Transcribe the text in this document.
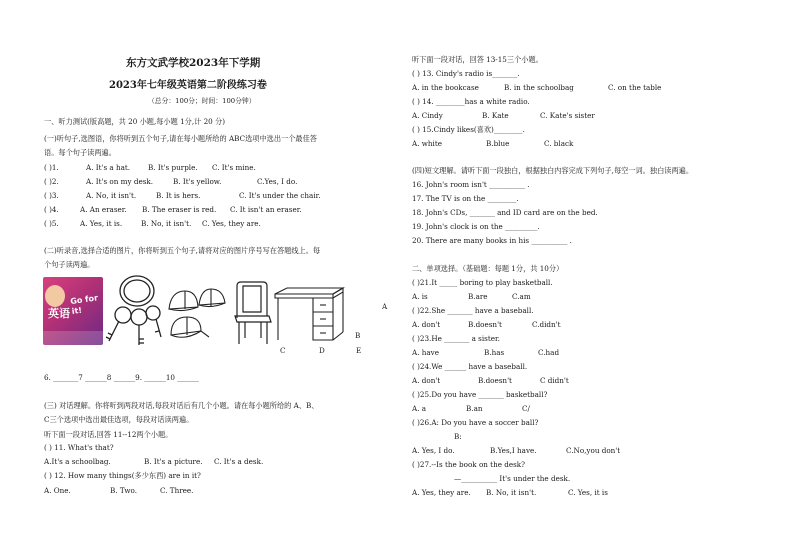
东方文武学校2023年下学期
2023年七年级英语第二阶段练习卷
（总分：100分；时间：100分钟）
一、听力测试(版高题，共 20 小题,每小题 1分,计 20 分)
(一)听句子,选图语，你将听到五个句子,请在每小题所给的 ABC选项中选出一个最佳答
语。每个句子读两遍。
( )1.	A. It's a hat. B. It's purple. C. It's mine.
( )2.	A. It's on my desk.	B. It's yellow.	C.Yes, I do.
( )3.	A. No, it isn't.	B. It is hers.	C. It's under the chair.
( )4.	A. An eraser. B. The eraser is red. C. It isn't an eraser.
( )5.	A. Yes, it is.	B. No, it isn't. C. Yes, they are.
(二)听录音,选择合适的图片，你将听到五个句子,请将对应的图片序号写在答题线上。每
个句子读两遍。
英语
Go for it!	A
B
C	D	E
6. _______7 ______8 ______9. ______10 ______
(三) 对话理解。你将听到两段对话,每段对话后有几个小题。请在每小题所给的 A、B、
C三个选项中选出最佳选项，每段对话读两遍。
听下面一段对话,回答 11--12两个小题。
( ) 11. What's that?
A.It's a schoolbag.	B. It's a picture. C. It's a desk.
( ) 12. How many things(多少东西) are in it?
A. One.	B. Two.	C. Three.
听下面一段对话，回答 13-15三个小题。
( ) 13. Cindy's radio is_______.
A. in the bookcase	B. in the schoolbag	C. on the table
( ) 14. ________has a white radio.
A. Cindy	B. Kate	C. Kate's sister
( ) 15.Cindy likes(喜欢)________.
A. white	B.blue	C. black
(四)短文理解。请听下面一段独白，根据独白内容完成下列句子,每空一词。独白读两遍。
16. John's room isn't __________ .
17. The TV is on the ________.
18. John's CDs, _______ and ID card are on the bed.
19. John's clock is on the _________.
20. There are many books in his __________ .
二、单项选择。（基础题：每题 1分，共 10分）
( )21.It _____ boring to play basketball.
A. is	B.are	C.am
( )22.She _______ have a baseball.
A. don't	B.doesn't	C.didn't
( )23.He _______ a sister.
A. have	B.has	C.had
( )24.We ______ have a baseball.
A. don't	B.doesn't	C didn't
( )25.Do you have _______ basketball?
A. a	B.an	C/
( )26.A: Do you have a soccer ball?
B:
A. Yes, I do.	B.Yes,I have.	C.No,you don't
( )27.--Is the book on the desk?
—__________ It's under the desk.
A. Yes, they are. B. No, it isn't.	C. Yes, it is
